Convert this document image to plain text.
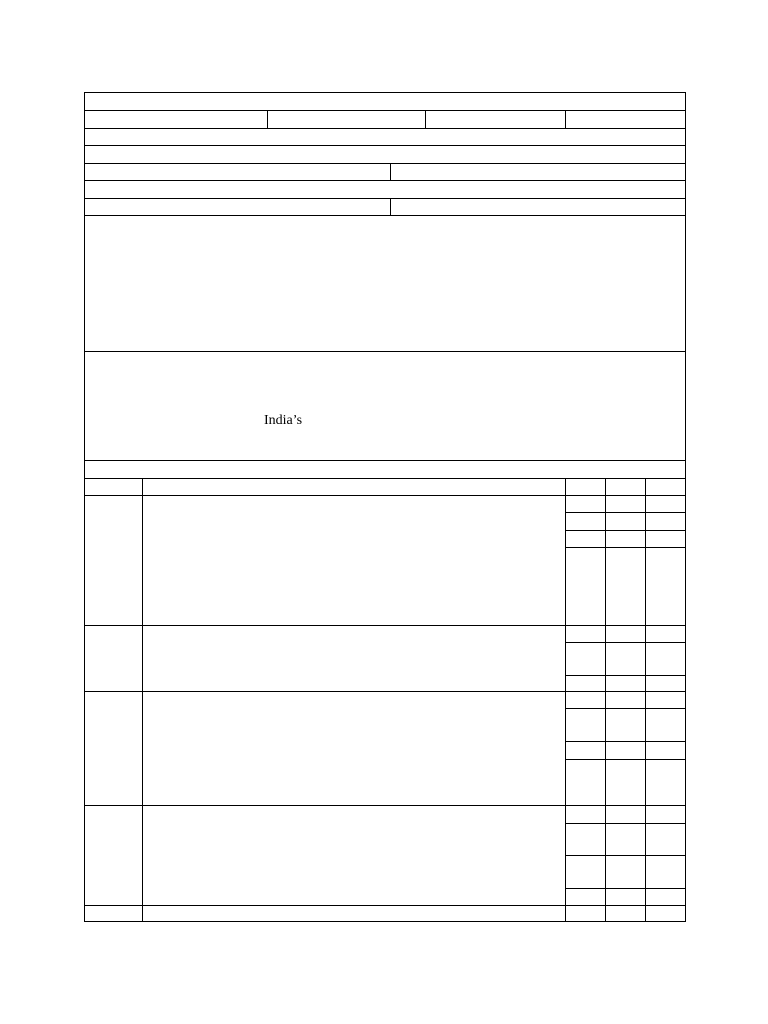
India’s
